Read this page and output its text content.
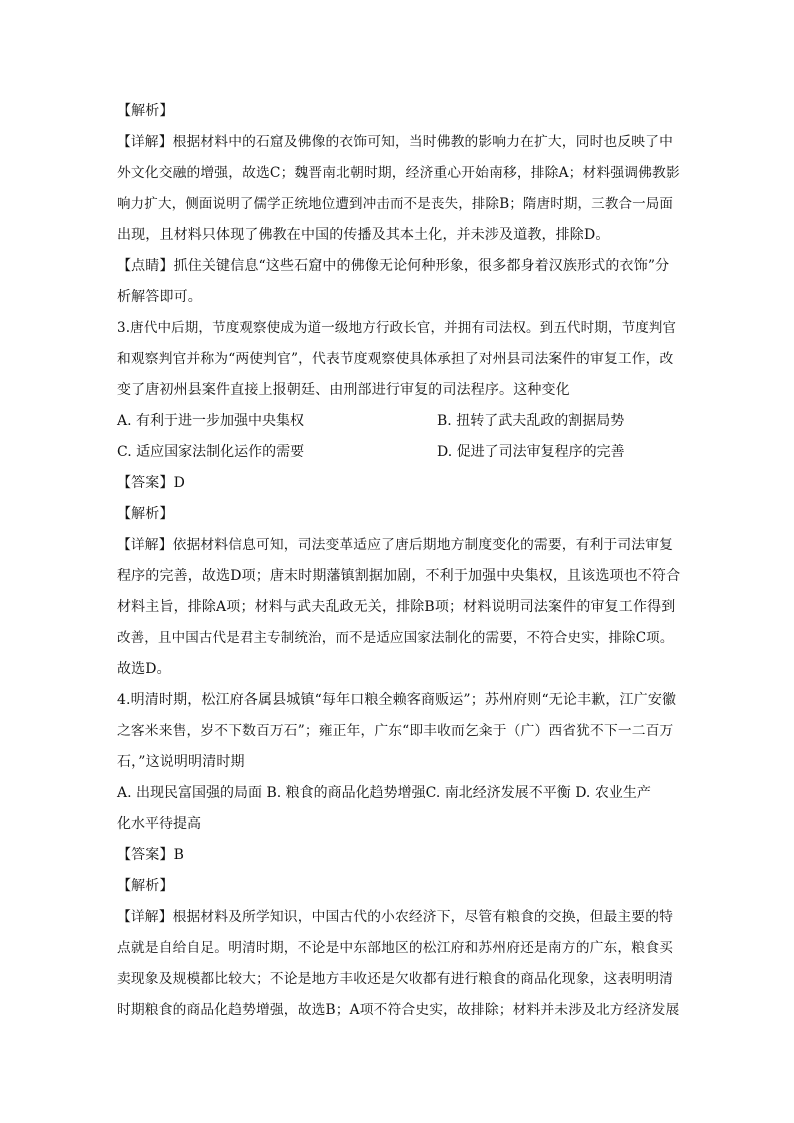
【解析】
【详解】根据材料中的石窟及佛像的衣饰可知，当时佛教的影响力在扩大，同时也反映了中
外文化交融的增强，故选C；魏晋南北朝时期，经济重心开始南移，排除A；材料强调佛教影
响力扩大，侧面说明了儒学正统地位遭到冲击而不是丧失，排除B；隋唐时期，三教合一局面
出现，且材料只体现了佛教在中国的传播及其本土化，并未涉及道教，排除D。
【点睛】抓住关键信息“这些石窟中的佛像无论何种形象，很多都身着汉族形式的衣饰”分
析解答即可。
3.唐代中后期，节度观察使成为道一级地方行政长官，并拥有司法权。到五代时期，节度判官
和观察判官并称为“两使判官”，代表节度观察使具体承担了对州县司法案件的审复工作，改
变了唐初州县案件直接上报朝廷、由刑部进行审复的司法程序。这种变化
A. 有利于进一步加强中央集权	B. 扭转了武夫乱政的割据局势
C. 适应国家法制化运作的需要	D. 促进了司法审复程序的完善
【答案】D
【解析】
【详解】依据材料信息可知，司法变革适应了唐后期地方制度变化的需要，有利于司法审复
程序的完善，故选D项；唐末时期藩镇割据加剧，不利于加强中央集权，且该选项也不符合
材料主旨，排除A项；材料与武夫乱政无关，排除B项；材料说明司法案件的审复工作得到
改善，且中国古代是君主专制统治，而不是适应国家法制化的需要，不符合史实，排除C项。
故选D。
4.明清时期，松江府各属县城镇“每年口粮全赖客商贩运”；苏州府则“无论丰歉，江广安徽
之客米来售，岁不下数百万石”；雍正年，广东“即丰收而乞籴于（广）西省犹不下一二百万
石，”这说明明清时期
A. 出现民富国强的局面 B. 粮食的商品化趋势增强C. 南北经济发展不平衡 D. 农业生产
化水平待提高
【答案】B
【解析】
【详解】根据材料及所学知识，中国古代的小农经济下，尽管有粮食的交换，但最主要的特
点就是自给自足。明清时期，不论是中东部地区的松江府和苏州府还是南方的广东，粮食买
卖现象及规模都比较大；不论是地方丰收还是欠收都有进行粮食的商品化现象，这表明明清
时期粮食的商品化趋势增强，故选B；A项不符合史实，故排除；材料并未涉及北方经济发展
